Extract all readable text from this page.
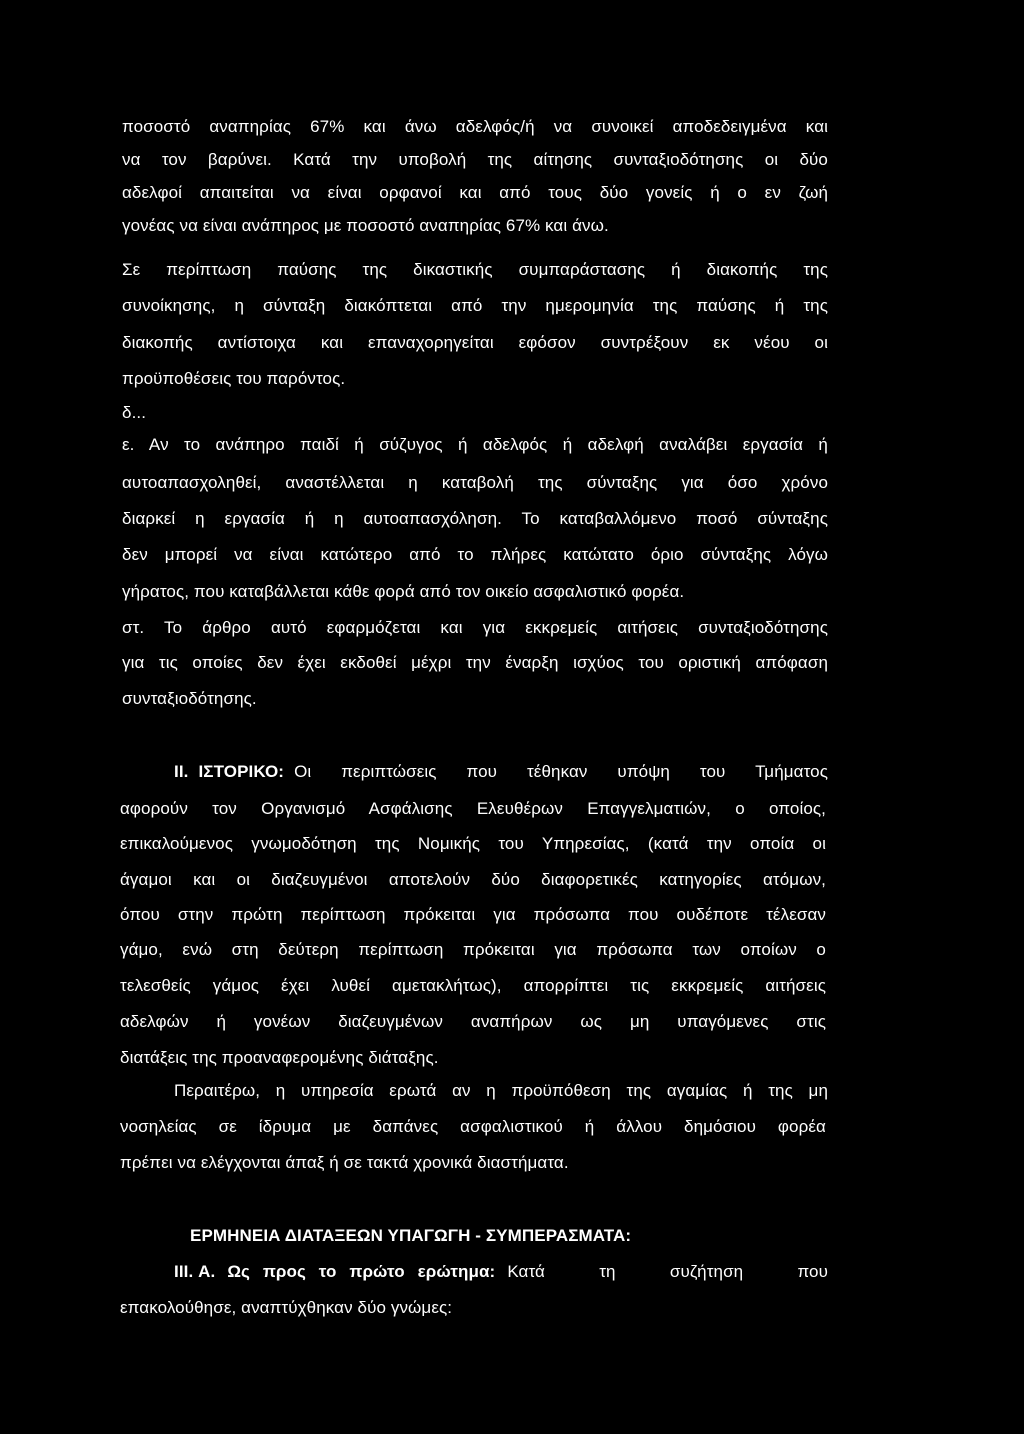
ποσοστό αναπηρίας 67% και άνω αδελφός/ή να συνοικεί αποδεδειγμένα και
να τον βαρύνει. Κατά την υποβολή της αίτησης συνταξιοδότησης οι δύο
αδελφοί απαιτείται να είναι ορφανοί και από τους δύο γονείς ή ο εν ζωή
γονέας να είναι ανάπηρος με ποσοστό αναπηρίας 67% και άνω.
Σε περίπτωση παύσης της δικαστικής συμπαράστασης ή διακοπής της
συνοίκησης, η σύνταξη διακόπτεται από την ημερομηνία της παύσης ή της
διακοπής αντίστοιχα και επαναχορηγείται εφόσον συντρέξουν εκ νέου οι
προϋποθέσεις του παρόντος.
δ...
ε. Αν το ανάπηρο παιδί ή σύζυγος ή αδελφός ή αδελφή αναλάβει εργασία ή
αυτοαπασχοληθεί, αναστέλλεται η καταβολή της σύνταξης για όσο χρόνο
διαρκεί η εργασία ή η αυτοαπασχόληση. Το καταβαλλόμενο ποσό σύνταξης
δεν μπορεί να είναι κατώτερο από το πλήρες κατώτατο όριο σύνταξης λόγω
γήρατος, που καταβάλλεται κάθε φορά από τον οικείο ασφαλιστικό φορέα.
στ. Το άρθρο αυτό εφαρμόζεται και για εκκρεμείς αιτήσεις συνταξιοδότησης
για τις οποίες δεν έχει εκδοθεί μέχρι την έναρξη ισχύος του οριστική απόφαση
συνταξιοδότησης.
II. ΙΣΤΟΡΙΚΟ: Οι περιπτώσεις που τέθηκαν υπόψη του Τμήματος
αφορούν τον Οργανισμό Ασφάλισης Ελευθέρων Επαγγελματιών, ο οποίος,
επικαλούμενος γνωμοδότηση της Νομικής του Υπηρεσίας, (κατά την οποία οι
άγαμοι και οι διαζευγμένοι αποτελούν δύο διαφορετικές κατηγορίες ατόμων,
όπου στην πρώτη περίπτωση πρόκειται για πρόσωπα που ουδέποτε τέλεσαν
γάμο, ενώ στη δεύτερη περίπτωση πρόκειται για πρόσωπα των οποίων ο
τελεσθείς γάμος έχει λυθεί αμετακλήτως), απορρίπτει τις εκκρεμείς αιτήσεις
αδελφών ή γονέων διαζευγμένων αναπήρων ως μη υπαγόμενες στις
διατάξεις της προαναφερομένης διάταξης.
Περαιτέρω, η υπηρεσία ερωτά αν η προϋπόθεση της αγαμίας ή της μη
νοσηλείας σε ίδρυμα με δαπάνες ασφαλιστικού ή άλλου δημόσιου φορέα
πρέπει να ελέγχονται άπαξ ή σε τακτά χρονικά διαστήματα.
ΕΡΜΗΝΕΙΑ ΔΙΑΤΑΞΕΩΝ ΥΠΑΓΩΓΗ - ΣΥΜΠΕΡΑΣΜΑΤΑ:
III. Α. Ως προς το πρώτο ερώτημα: Κατά τη συζήτηση που
επακολούθησε, αναπτύχθηκαν δύο γνώμες:
